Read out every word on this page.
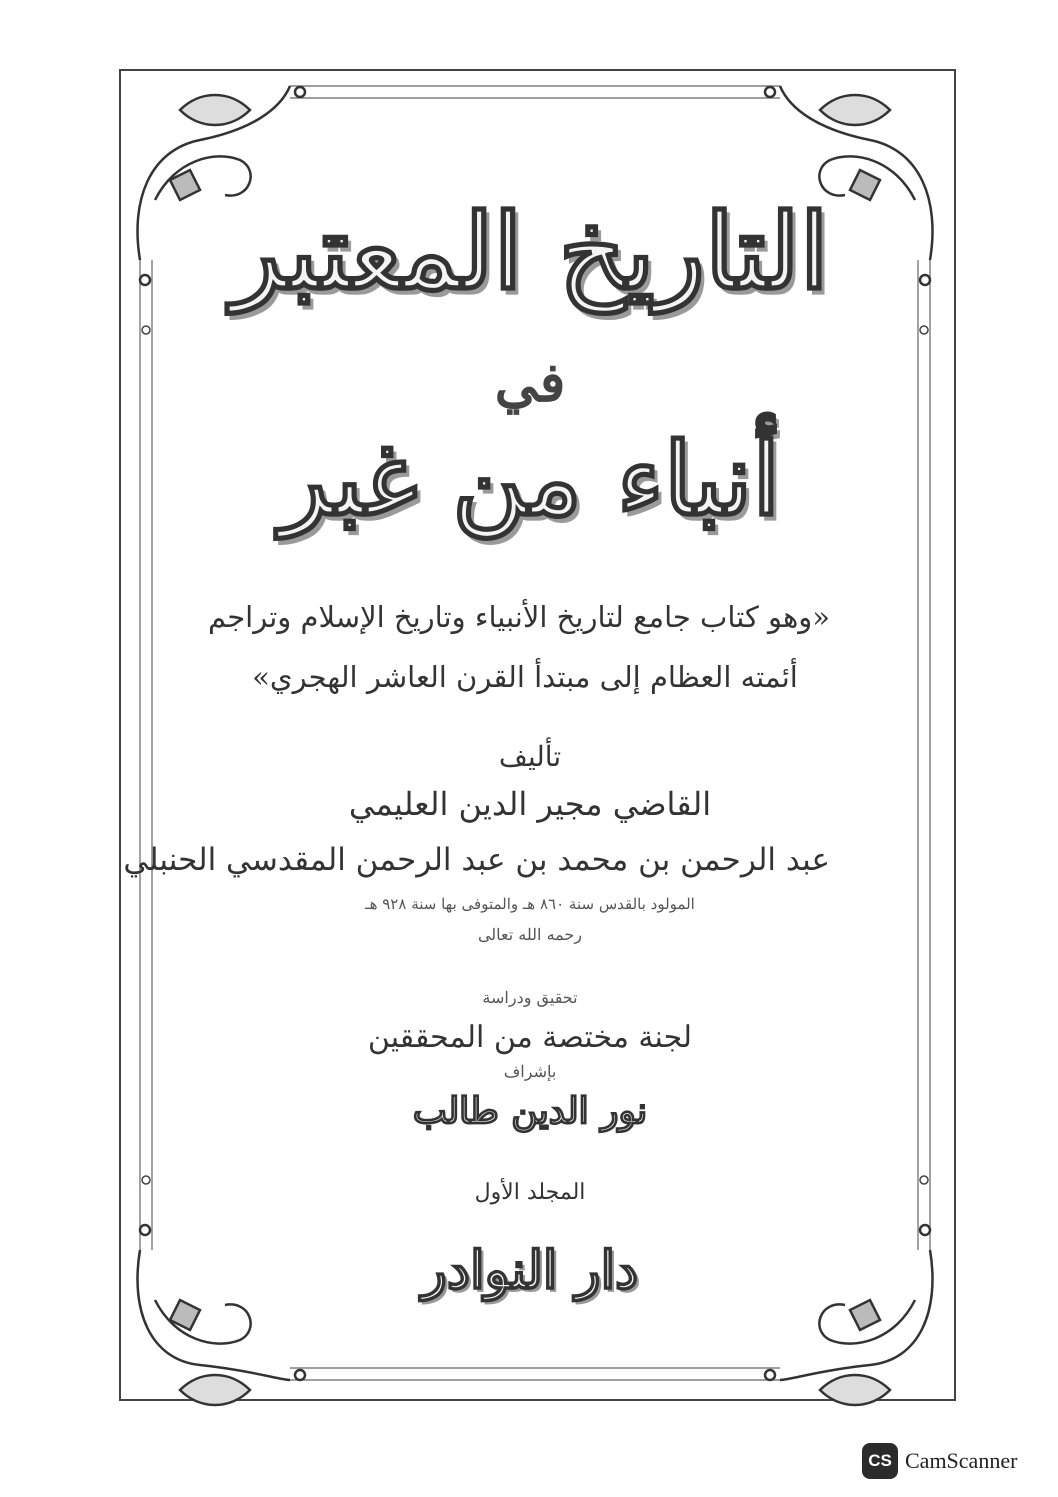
التاريخ المعتبر
في
أنباء من غبر
«وهو كتاب جامع لتاريخ الأنبياء وتاريخ الإسلام وتراجم
أئمته العظام إلى مبتدأ القرن العاشر الهجري»
تأليف
القاضي مجير الدين العليمي
عبد الرحمن بن محمد بن عبد الرحمن المقدسي الحنبلي
المولود بالقدس سنة ٨٦٠ هـ والمتوفى بها سنة ٩٢٨ هـ
رحمه الله تعالى
تحقيق ودراسة
لجنة مختصة من المحققين
بإشراف
نور الدين طالب
المجلد الأول
دار النوادر
CS CamScanner
